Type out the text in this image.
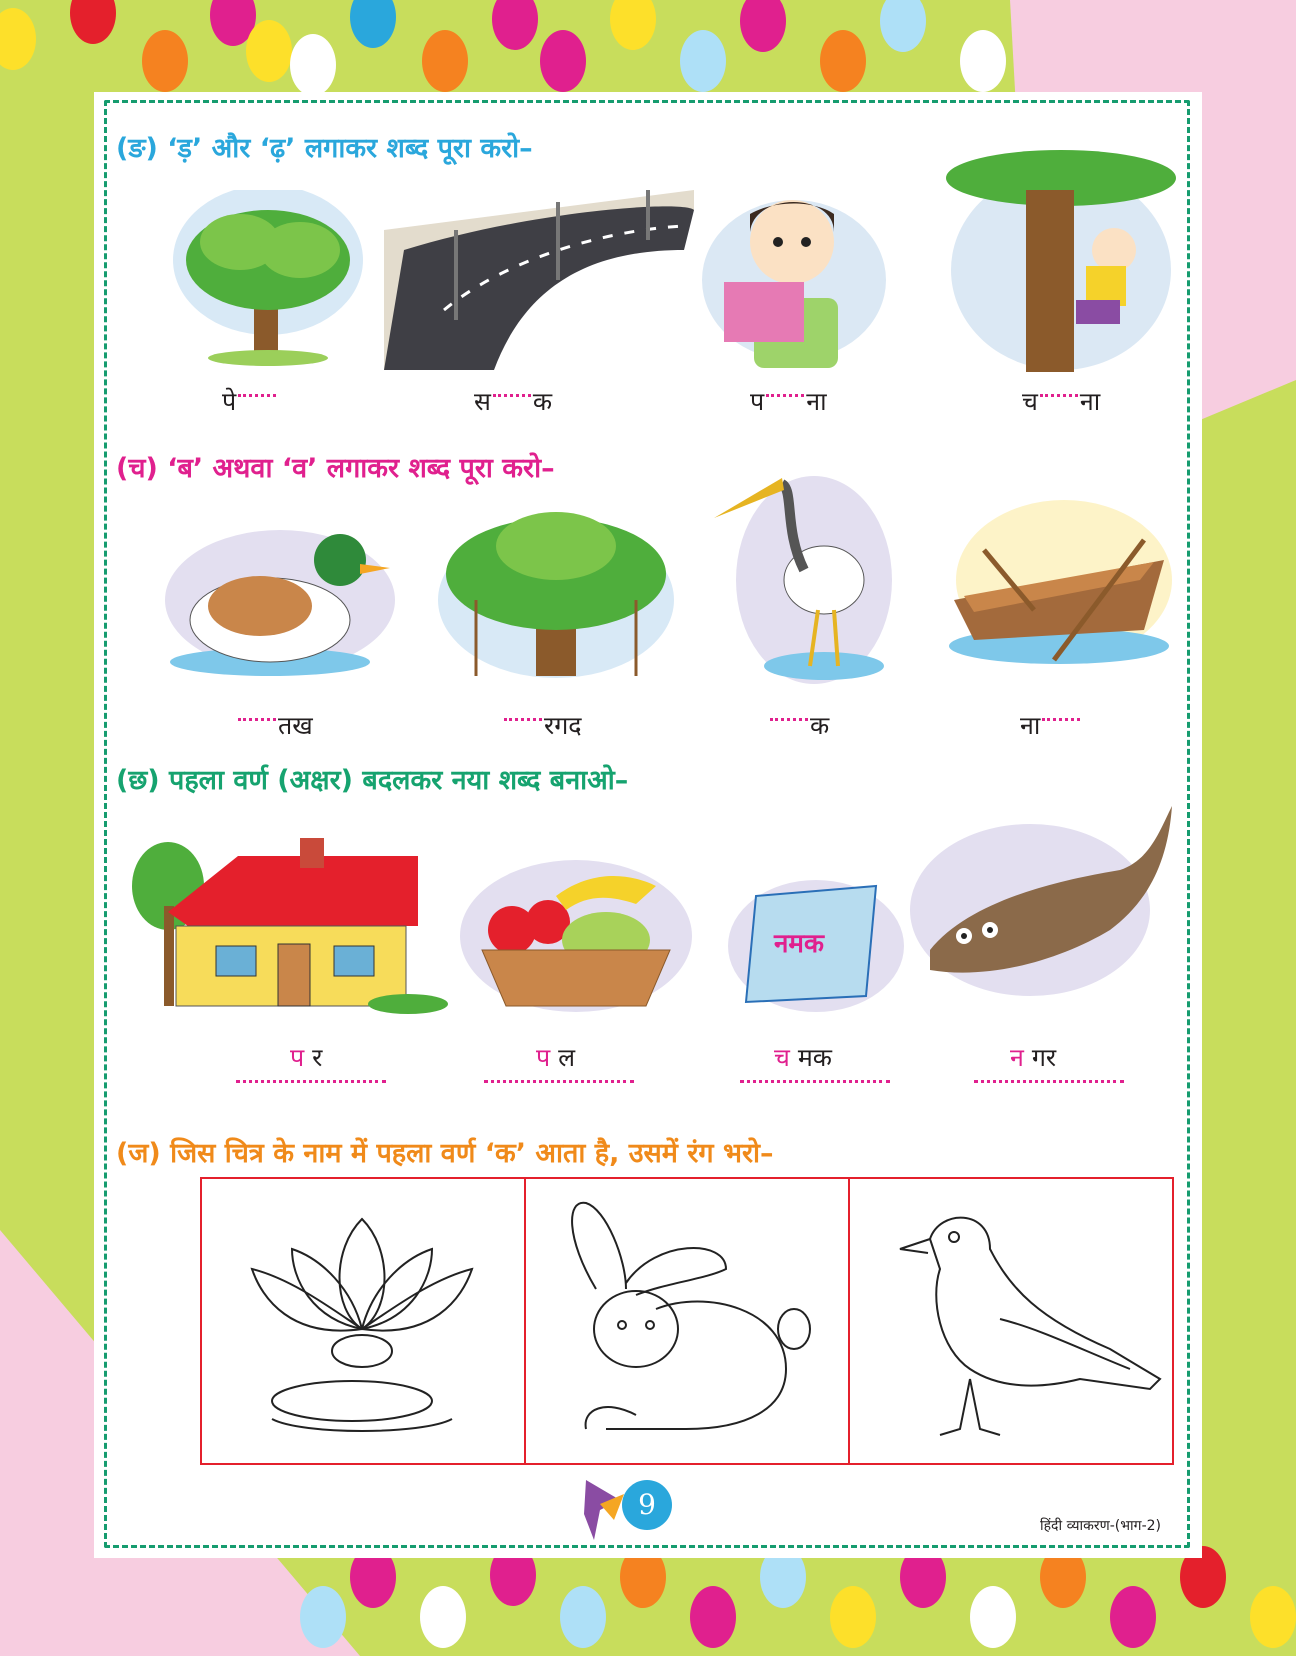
(ङ) ‘ड़’ और ‘ढ़’ लगाकर शब्द पूरा करो–
पे	स क	प ना	च ना
(च) ‘ब’ अथवा ‘व’ लगाकर शब्द पूरा करो–
तख	रगद	क	ना
(छ) पहला वर्ण (अक्षर) बदलकर नया शब्द बनाओ–
नमक
प र	प ल	च मक	न गर
(ज) जिस चित्र के नाम में पहला वर्ण ‘क’ आता है, उसमें रंग भरो–
9
हिंदी व्याकरण-(भाग-2)
